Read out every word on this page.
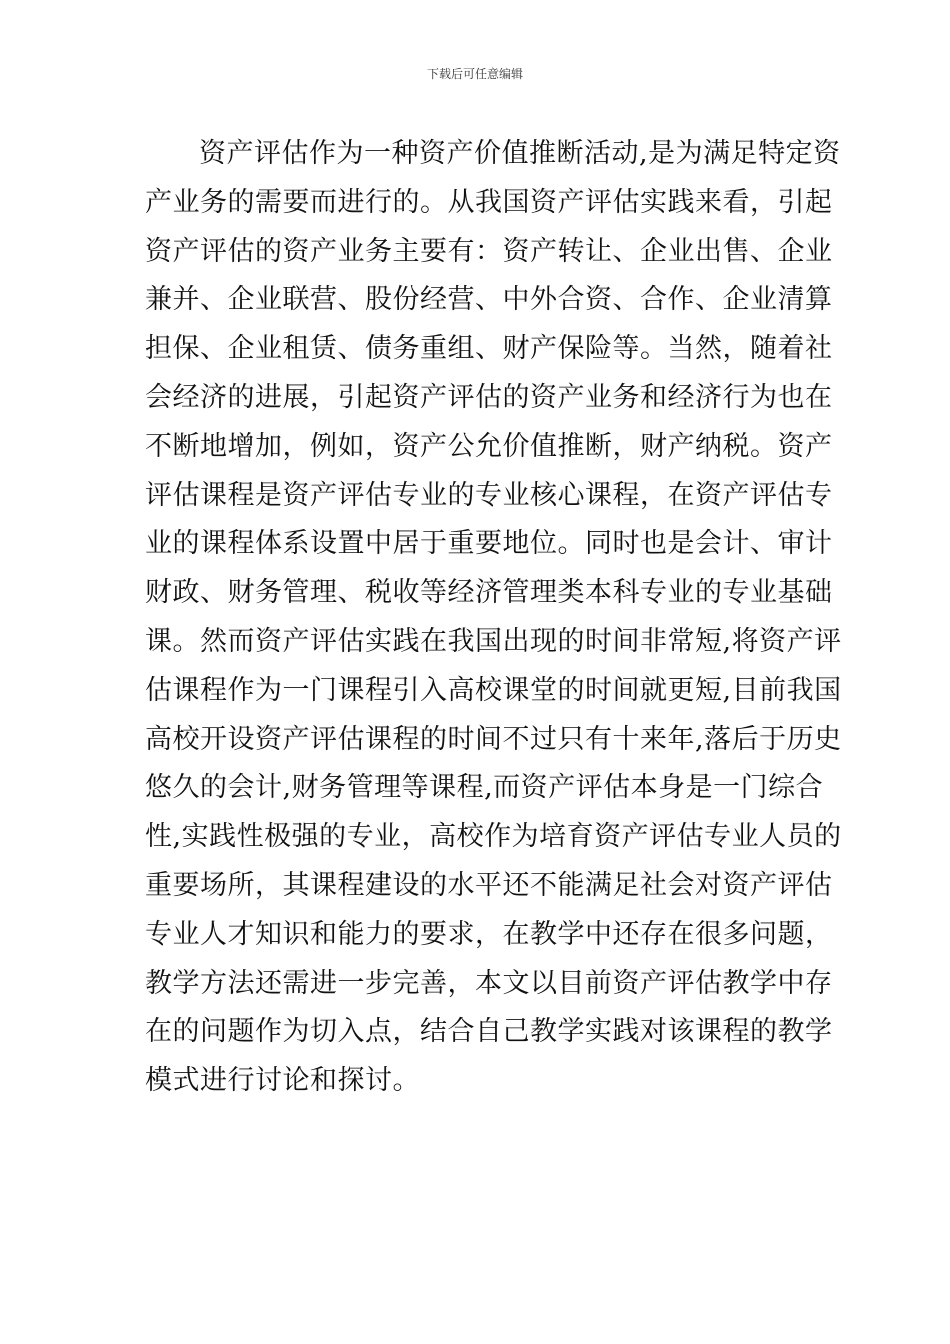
下载后可任意编辑
资产评估作为一种资产价值推断活动,是为满足特定资
产业务的需要而进行的。从我国资产评估实践来看，引起
资产评估的资产业务主要有：资产转让、企业出售、企业
兼并、企业联营、股份经营、中外合资、合作、企业清算
担保、企业租赁、债务重组、财产保险等。当然，随着社
会经济的进展，引起资产评估的资产业务和经济行为也在
不断地增加，例如，资产公允价值推断，财产纳税。资产
评估课程是资产评估专业的专业核心课程，在资产评估专
业的课程体系设置中居于重要地位。同时也是会计、审计
财政、财务管理、税收等经济管理类本科专业的专业基础
课。然而资产评估实践在我国出现的时间非常短,将资产评
估课程作为一门课程引入高校课堂的时间就更短,目前我国
高校开设资产评估课程的时间不过只有十来年,落后于历史
悠久的会计,财务管理等课程,而资产评估本身是一门综合
性,实践性极强的专业，高校作为培育资产评估专业人员的
重要场所，其课程建设的水平还不能满足社会对资产评估
专业人才知识和能力的要求，在教学中还存在很多问题，
教学方法还需进一步完善，本文以目前资产评估教学中存
在的问题作为切入点，结合自己教学实践对该课程的教学
模式进行讨论和探讨。
